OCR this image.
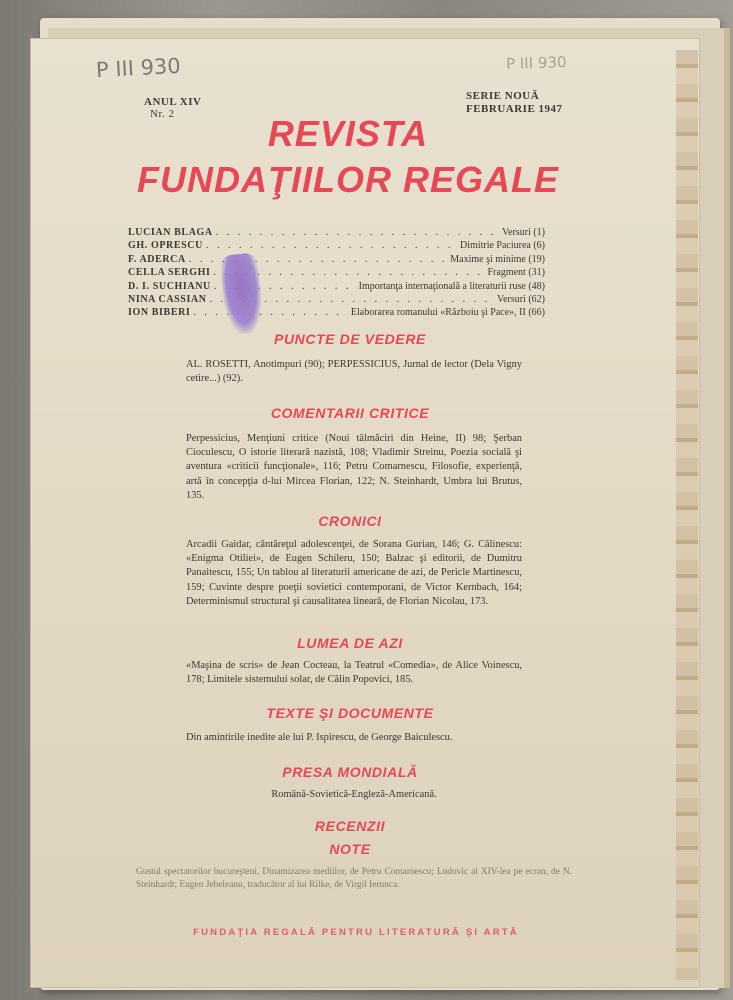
P III 930	P III 930
ANUL XIV
Nr. 2
SERIE NOUĂ
FEBRUARIE 1947
REVISTA
FUNDAŢIILOR REGALE
LUCIAN BLAGA . . .	Versuri (1)
GH. OPRESCU . . .	Dimitrie Paciurea (6)
F. ADERCA . . .	Maxime şi minime (19)
CELLA SERGHI . . .	Fragment (31)
D. I. SUCHIANU . . .	Importanţa internaţională a literaturii ruse (48)
NINA CASSIAN . . .	Versuri (62)
ION BIBERI . . .	Elaborarea romanului «Războiu şi Pace», II (66)
PUNCTE DE VEDERE
AL. ROSETTI, Anotimpuri (90); PERPESSICIUS, Jurnal de lector (Dela Vigny cetire...) (92).
COMENTARII CRITICE
Perpessicius, Menţiuni critice (Noui tălmăciri din Heine, II) 98; Şerban Cioculescu, O istorie literară nazistă, 108; Vladimir Streinu, Poezia socială şi aventura «criticii funcţionale», 116; Petru Comarnescu, Filosofie, experienţă, artă în concepţia d-lui Mircea Florian, 122; N. Steinhardt, Umbra lui Brutus, 135.
CRONICI
Arcadii Gaidar, cântăreţul adolescenţei, de Sorana Gurian, 146; G. Călinescu: «Enigma Otiliei», de Eugen Schileru, 150; Balzac şi editorii, de Dumitru Panaitescu, 155; Un tablou al literaturii americane de azi, de Pericle Martinescu, 159; Cuvinte despre poeţii sovietici contemporani, de Victor Kernbach, 164; Determinismul structural şi causalitatea lineară, de Florian Nicolau, 173.
LUMEA DE AZI
«Maşina de scris» de Jean Cocteau, la Teatrul «Comedia», de Alice Voinescu, 178; Limitele sistemului solar, de Călin Popovici, 185.
TEXTE ŞI DOCUMENTE
Din amintirile inedite ale lui P. Ispirescu, de George Baiculescu.
PRESA MONDIALĂ
Română-Sovietică-Engleză-Americană.
RECENZII
NOTE
Gustul spectatorilor bucureşteni, Dinamizarea mediilor, de Petru Comarnescu; Ludovic al XIV-lea pe ecran, de N. Steinhardt; Eugen Jebeleanu, traducător al lui Rilke, de Virgil Ierunca.
FUNDAŢIA REGALĂ PENTRU LITERATURĂ ŞI ARTĂ
